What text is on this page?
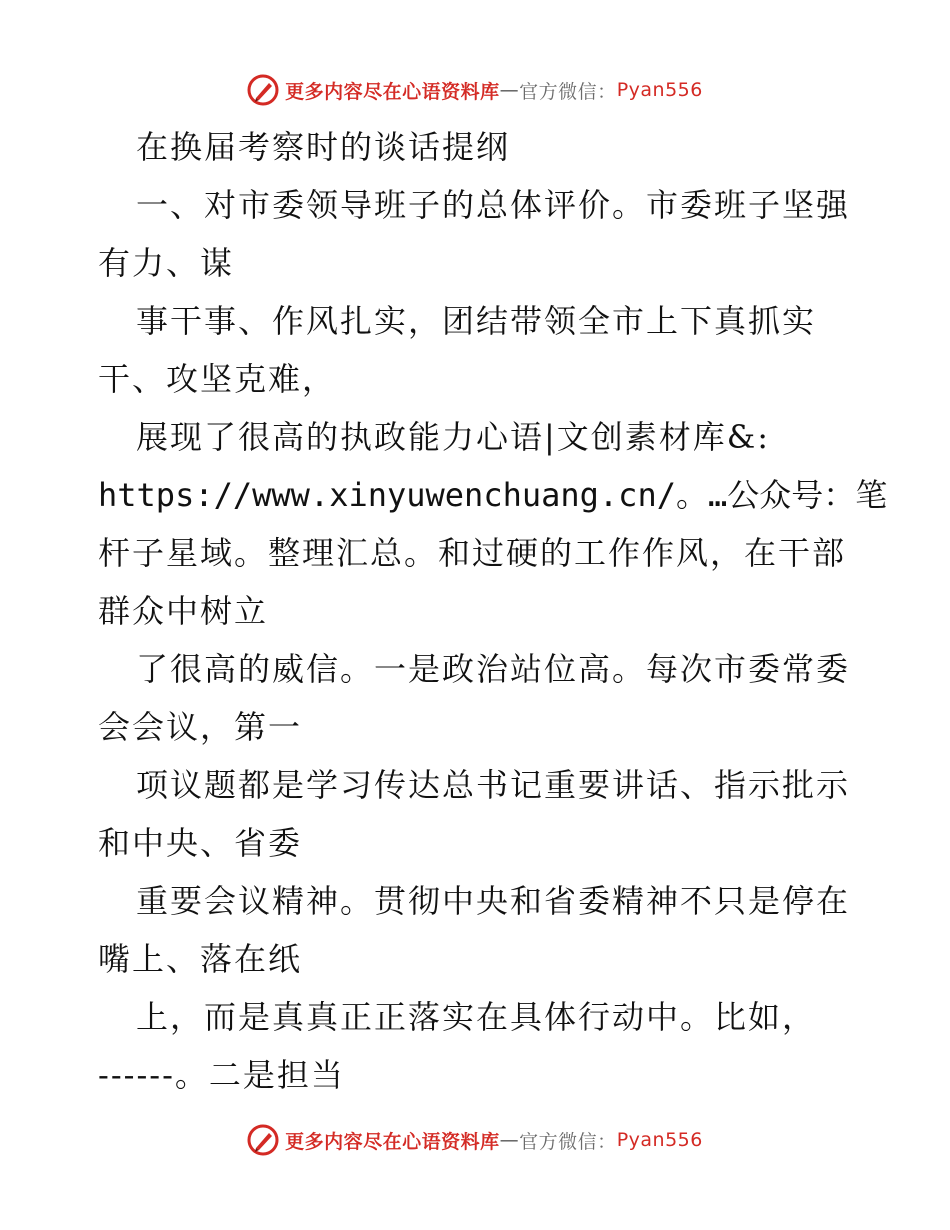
更多内容尽在心语资料库 — 官方微信： Pyan556
在换届考察时的谈话提纲
一、对市委领导班子的总体评价。市委班子坚强
有力、谋
事干事、作风扎实，团结带领全市上下真抓实
干、攻坚克难，
展现了很高的执政能力心语|文创素材库&:
https://www.xinyuwenchuang.cn/。…公众号：笔
杆子星域。整理汇总。和过硬的工作作风，在干部
群众中树立
了很高的威信。一是政治站位高。每次市委常委
会会议，第一
项议题都是学习传达总书记重要讲话、指示批示
和中央、省委
重要会议精神。贯彻中央和省委精神不只是停在
嘴上、落在纸
上，而是真真正正落实在具体行动中。比如，
------。二是担当
更多内容尽在心语资料库 — 官方微信： Pyan556
